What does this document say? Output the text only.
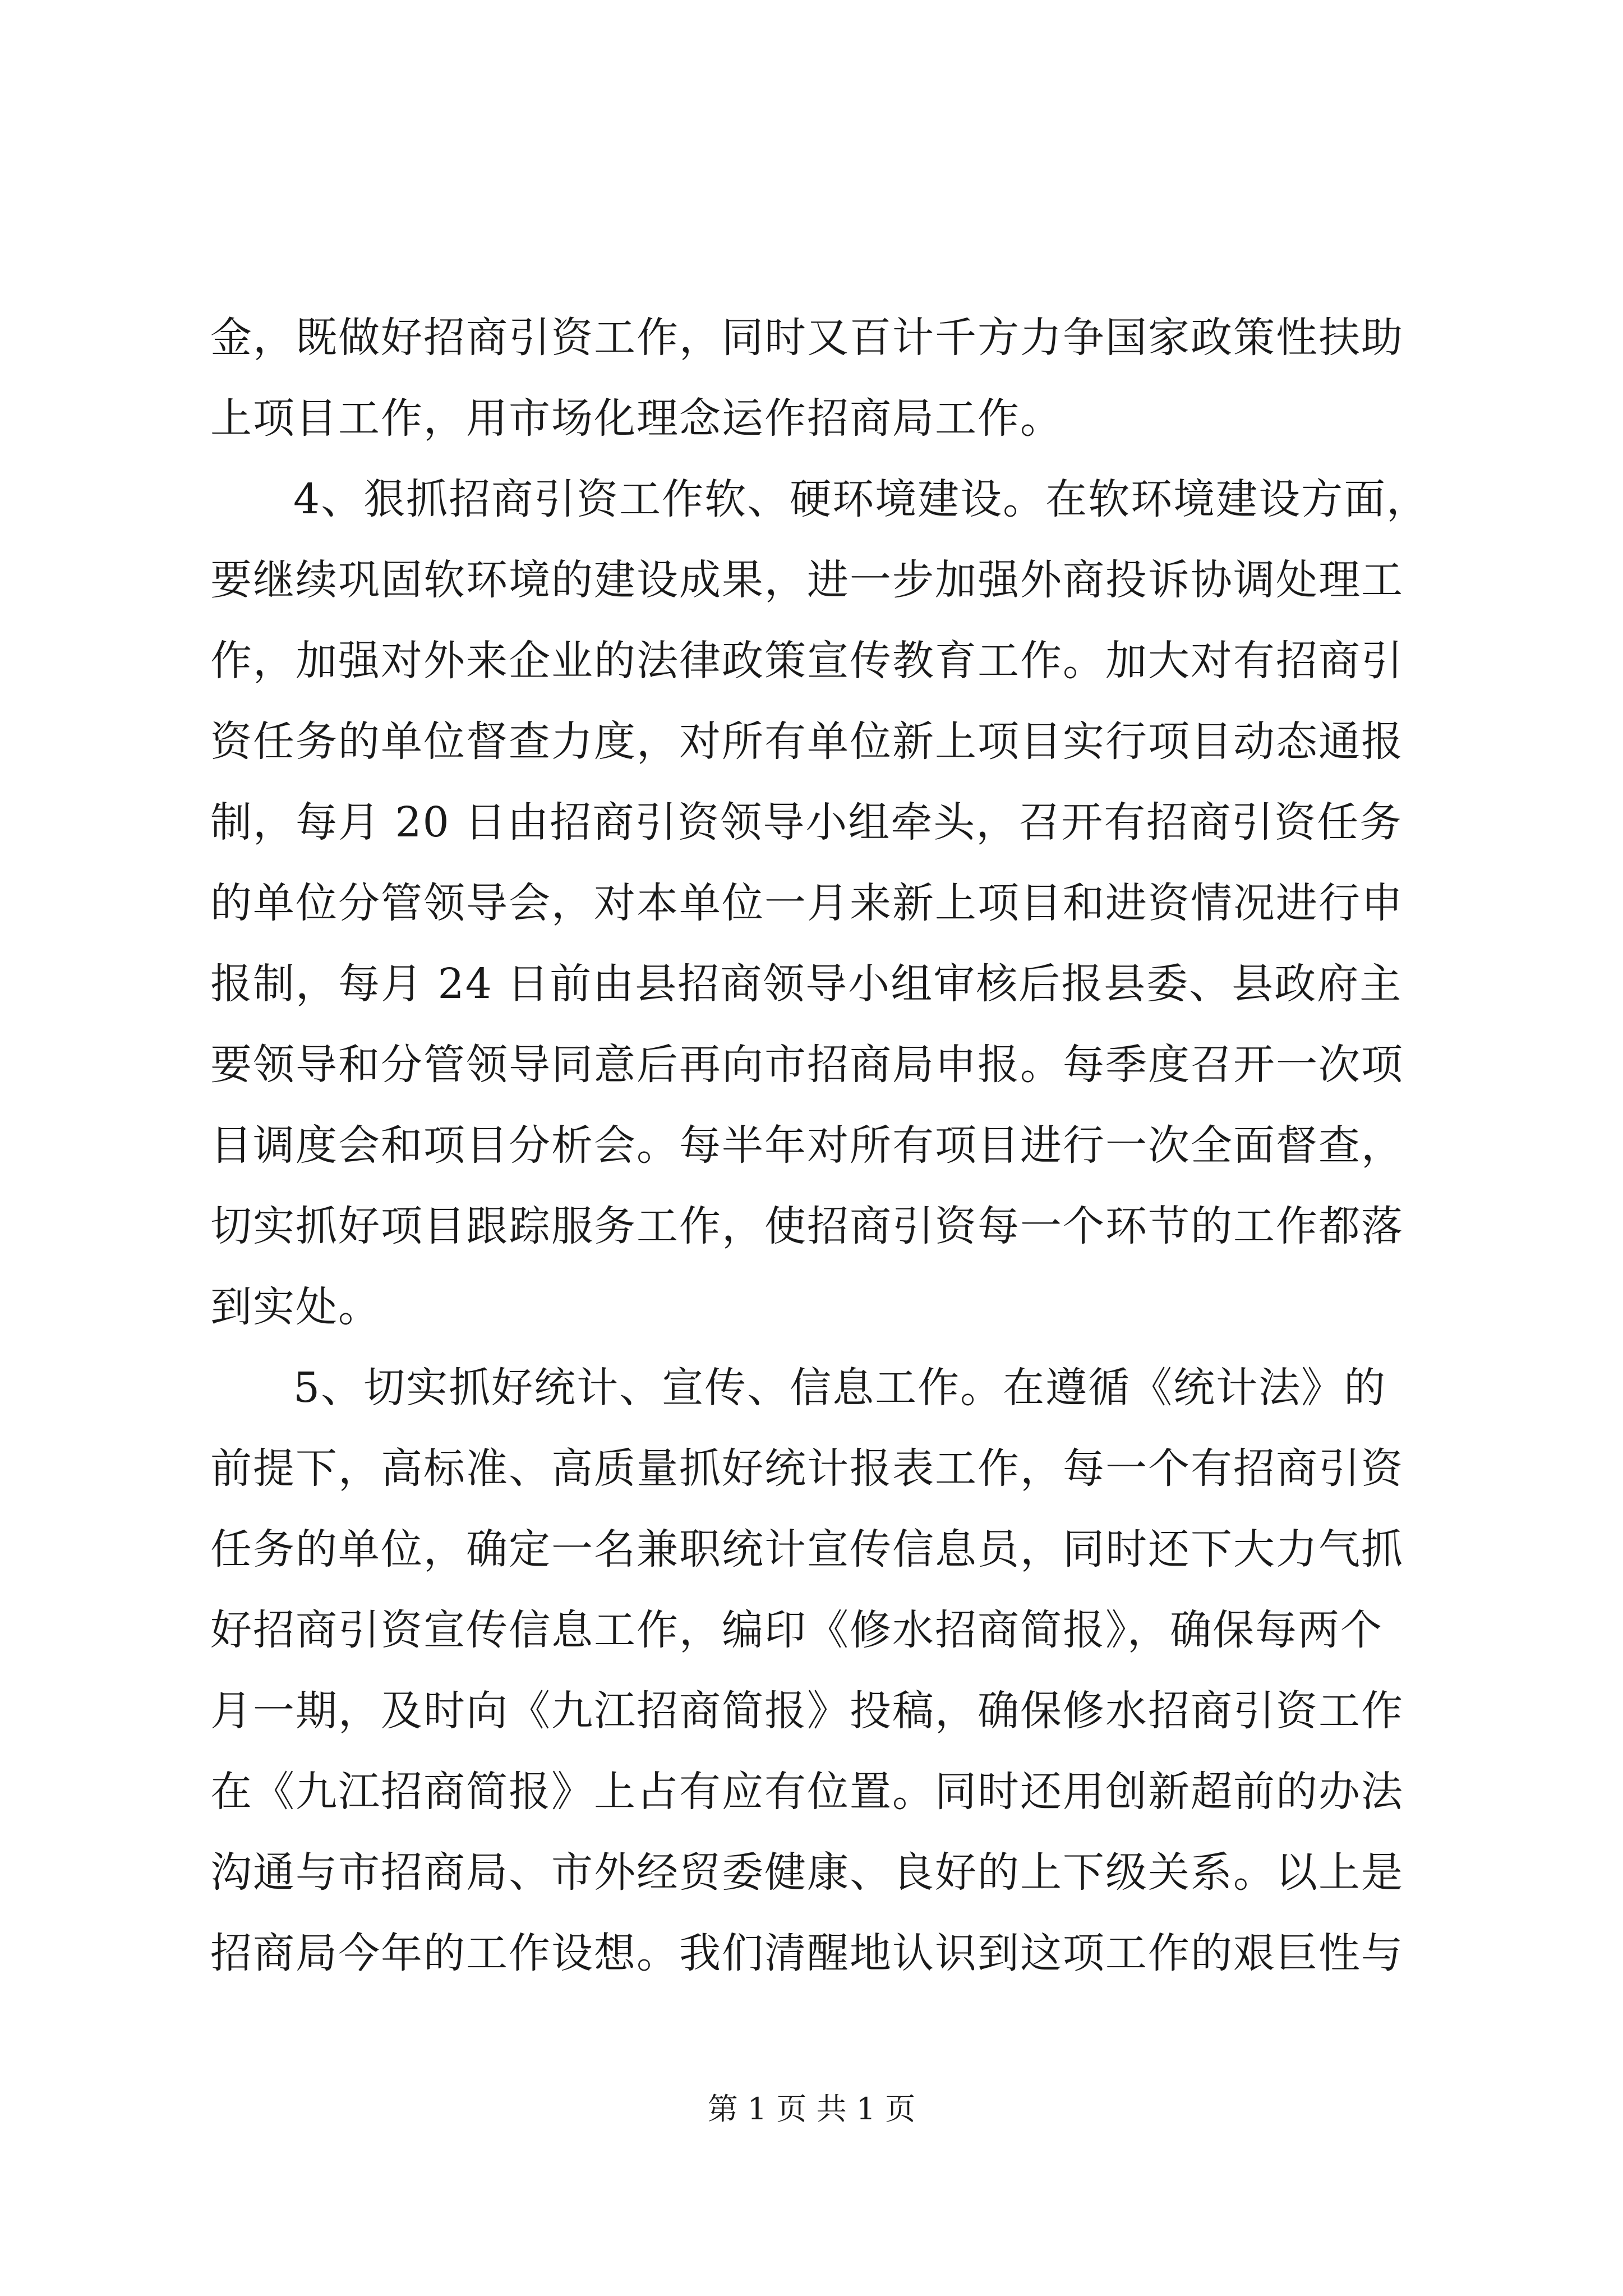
金，既做好招商引资工作，同时又百计千方力争国家政策性扶助
上项目工作，用市场化理念运作招商局工作。
4、狠抓招商引资工作软、硬环境建设。在软环境建设方面，
要继续巩固软环境的建设成果，进一步加强外商投诉协调处理工
作，加强对外来企业的法律政策宣传教育工作。加大对有招商引
资任务的单位督查力度，对所有单位新上项目实行项目动态通报
制，每月 20 日由招商引资领导小组牵头，召开有招商引资任务
的单位分管领导会，对本单位一月来新上项目和进资情况进行申
报制，每月 24 日前由县招商领导小组审核后报县委、县政府主
要领导和分管领导同意后再向市招商局申报。每季度召开一次项
目调度会和项目分析会。每半年对所有项目进行一次全面督查，
切实抓好项目跟踪服务工作，使招商引资每一个环节的工作都落
到实处。
5、切实抓好统计、宣传、信息工作。在遵循《统计法》的
前提下，高标准、高质量抓好统计报表工作，每一个有招商引资
任务的单位，确定一名兼职统计宣传信息员，同时还下大力气抓
好招商引资宣传信息工作，编印《修水招商简报》，确保每两个
月一期，及时向《九江招商简报》投稿，确保修水招商引资工作
在《九江招商简报》上占有应有位置。同时还用创新超前的办法
沟通与市招商局、市外经贸委健康、良好的上下级关系。以上是
招商局今年的工作设想。我们清醒地认识到这项工作的艰巨性与
第 1 页 共 1 页
